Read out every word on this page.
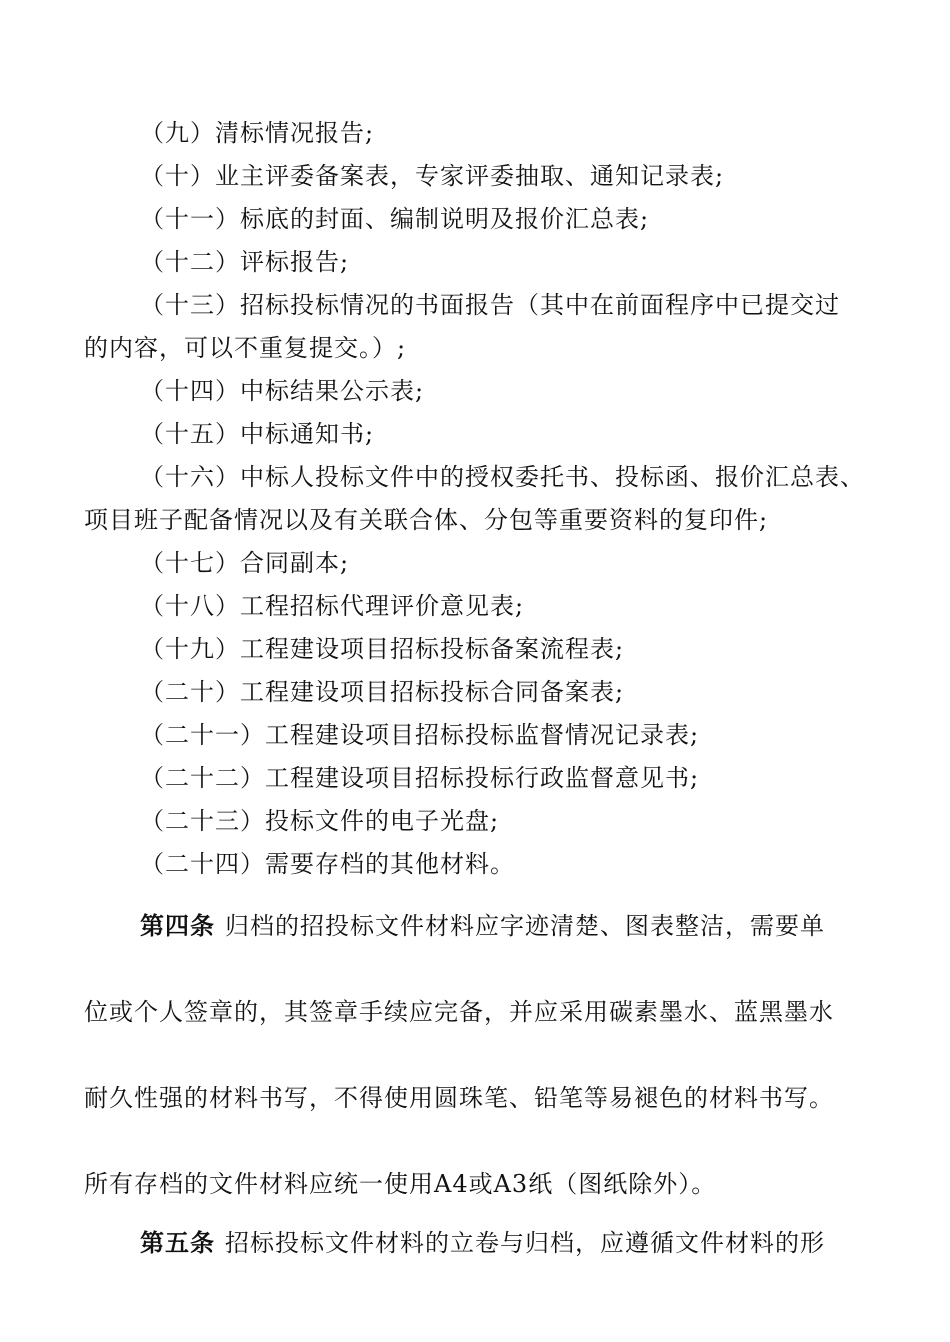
（九）清标情况报告;
（十）业主评委备案表，专家评委抽取、通知记录表;
（十一）标底的封面、编制说明及报价汇总表;
（十二）评标报告;
（十三）招标投标情况的书面报告（其中在前面程序中已提交过
的内容，可以不重复提交。）;
（十四）中标结果公示表;
（十五）中标通知书;
（十六）中标人投标文件中的授权委托书、投标函、报价汇总表、
项目班子配备情况以及有关联合体、分包等重要资料的复印件;
（十七）合同副本;
（十八）工程招标代理评价意见表;
（十九）工程建设项目招标投标备案流程表;
（二十）工程建设项目招标投标合同备案表;
（二十一）工程建设项目招标投标监督情况记录表;
（二十二）工程建设项目招标投标行政监督意见书;
（二十三）投标文件的电子光盘;
（二十四）需要存档的其他材料。
第四条 归档的招投标文件材料应字迹清楚、图表整洁，需要单
位或个人签章的，其签章手续应完备，并应采用碳素墨水、蓝黑墨水
耐久性强的材料书写，不得使用圆珠笔、铅笔等易褪色的材料书写。
所有存档的文件材料应统一使用A4或A3纸（图纸除外）。
第五条 招标投标文件材料的立卷与归档，应遵循文件材料的形
